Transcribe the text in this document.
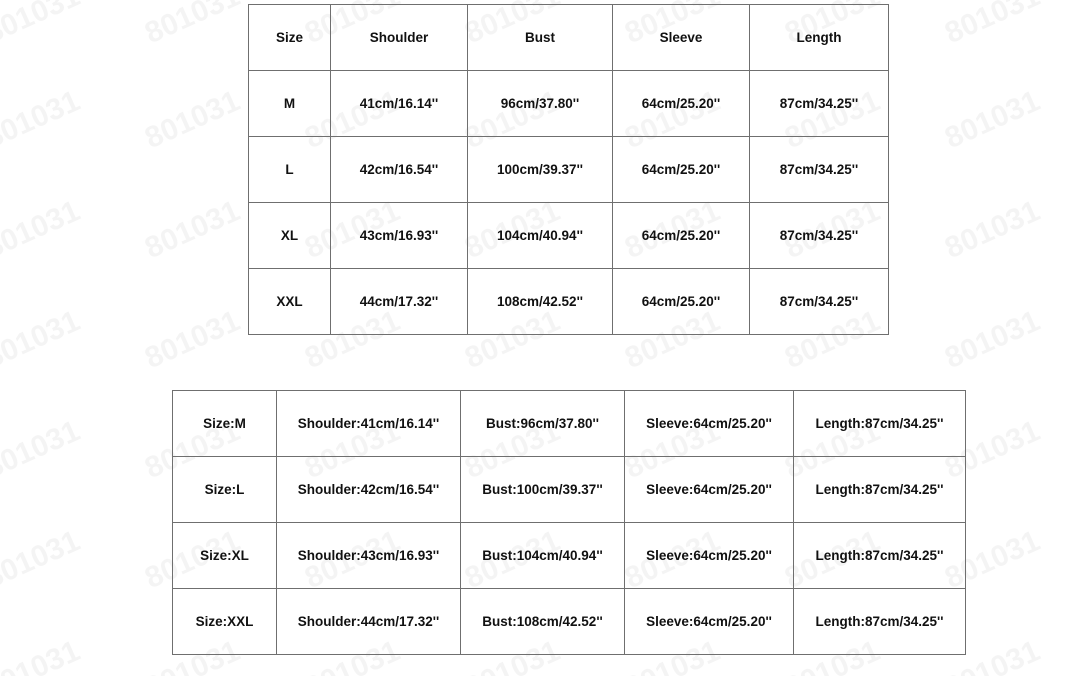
Size	Shoulder	Bust	Sleeve	Length
M	41cm/16.14''	96cm/37.80''	64cm/25.20''	87cm/34.25''
L	42cm/16.54''	100cm/39.37''	64cm/25.20''	87cm/34.25''
XL	43cm/16.93''	104cm/40.94''	64cm/25.20''	87cm/34.25''
XXL	44cm/17.32''	108cm/42.52''	64cm/25.20''	87cm/34.25''
Size:M	Shoulder:41cm/16.14''	Bust:96cm/37.80''	Sleeve:64cm/25.20''	Length:87cm/34.25''
Size:L	Shoulder:42cm/16.54''	Bust:100cm/39.37''	Sleeve:64cm/25.20''	Length:87cm/34.25''
Size:XL	Shoulder:43cm/16.93''	Bust:104cm/40.94''	Sleeve:64cm/25.20''	Length:87cm/34.25''
Size:XXL	Shoulder:44cm/17.32''	Bust:108cm/42.52''	Sleeve:64cm/25.20''	Length:87cm/34.25''
